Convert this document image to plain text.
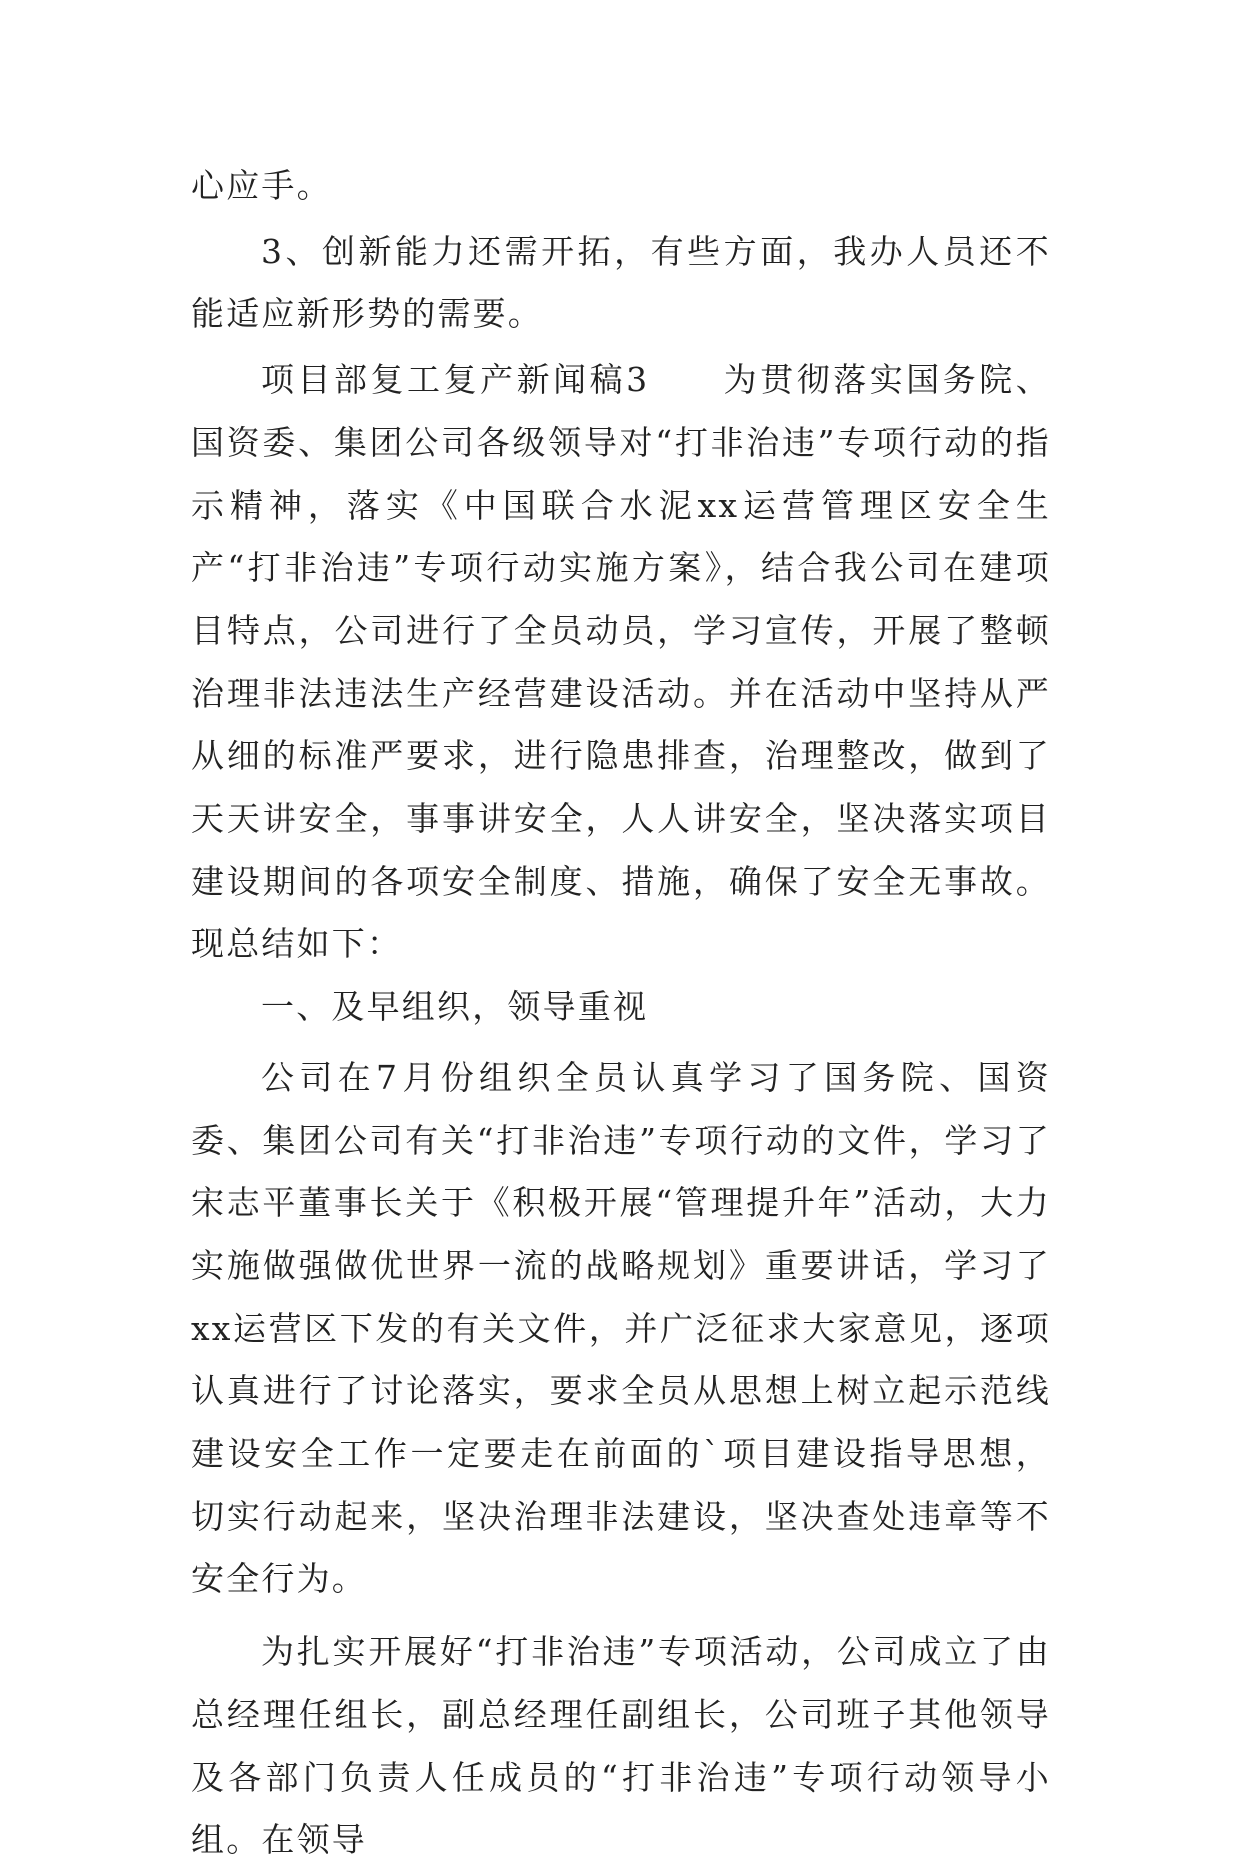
心应手。

3、创新能力还需开拓，有些方面，我办人员还不能适应新形势的需要。

项目部复工复产新闻稿3　　为贯彻落实国务院、国资委、集团公司各级领导对“打非治违”专项行动的指示精神，落实《中国联合水泥xx运营管理区安全生产“打非治违”专项行动实施方案》，结合我公司在建项目特点，公司进行了全员动员，学习宣传，开展了整顿治理非法违法生产经营建设活动。并在活动中坚持从严从细的标准严要求，进行隐患排查，治理整改，做到了天天讲安全，事事讲安全，人人讲安全，坚决落实项目建设期间的各项安全制度、措施，确保了安全无事故。现总结如下：

一、及早组织，领导重视

公司在7月份组织全员认真学习了国务院、国资委、集团公司有关“打非治违”专项行动的文件，学习了宋志平董事长关于《积极开展“管理提升年”活动，大力实施做强做优世界一流的战略规划》重要讲话，学习了xx运营区下发的有关文件，并广泛征求大家意见，逐项认真进行了讨论落实，要求全员从思想上树立起示范线建设安全工作一定要走在前面的`项目建设指导思想，切实行动起来，坚决治理非法建设，坚决查处违章等不安全行为。

为扎实开展好“打非治违”专项活动，公司成立了由总经理任组长，副总经理任副组长，公司班子其他领导及各部门负责人任成员的“打非治违”专项行动领导小组。在领导
